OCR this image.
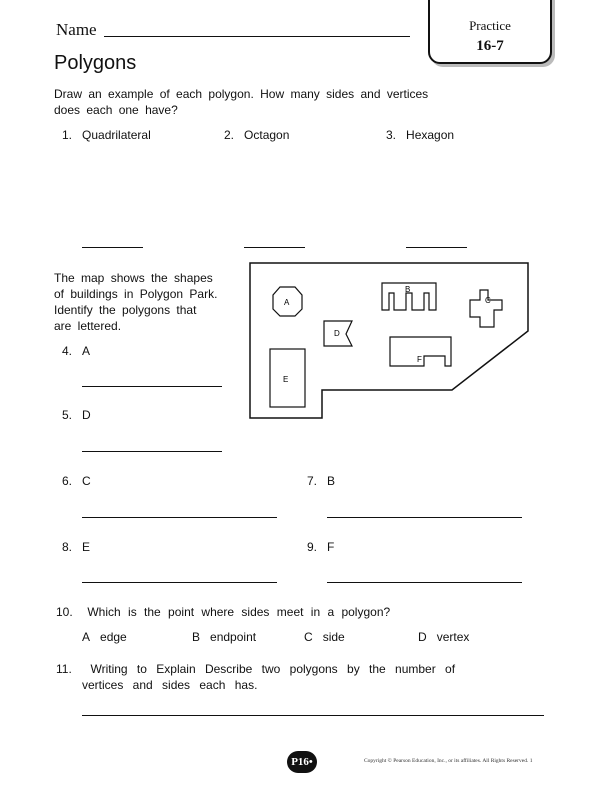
Name	Practice
16-7
Polygons
Draw an example of each polygon. How many sides and vertices
does each one have?
1. Quadrilateral	2. Octagon	3. Hexagon
The map shows the shapes
of buildings in Polygon Park.
Identify the polygons that
are lettered.
A
B
C
D
F
E
4. A
5. D
6. C	7. B
8. E	9. F
10. Which is the point where sides meet in a polygon?
A edge	B endpoint	C side	D vertex
11. Writing to Explain Describe two polygons by the number of
vertices and sides each has.
P16•	Copyright © Pearson Education, Inc., or its affiliates. All Rights Reserved. 1
